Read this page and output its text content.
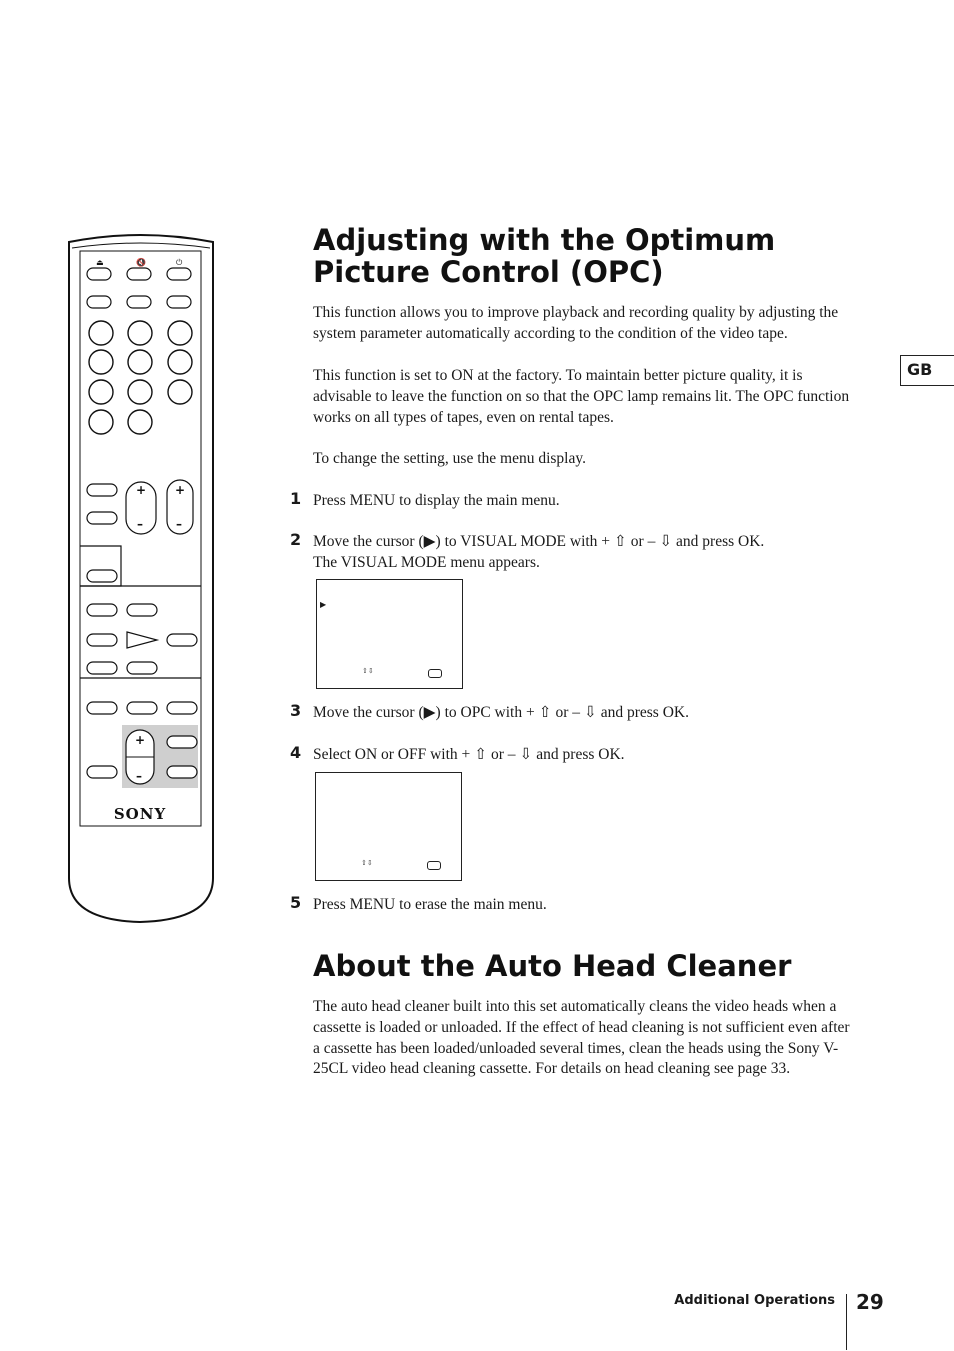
⏏	🔇	⏻
+
–
+
–
+
–
SONY
Adjusting with the Optimum Picture Control (OPC)

This function allows you to improve playback and recording quality by adjusting the system parameter automatically according to the condition of the video tape.

This function is set to ON at the factory. To maintain better picture quality, it is advisable to leave the function on so that the OPC lamp remains lit. The OPC function works on all types of tapes, even on rental tapes.

To change the setting, use the menu display.

1 Press MENU to display the main menu.
2 Move the cursor (▶) to VISUAL MODE with + ⇧ or – ⇩ and press OK.
The VISUAL MODE menu appears.
▶
⇧⇩
3 Move the cursor (▶) to OPC with + ⇧ or – ⇩ and press OK.
4 Select ON or OFF with + ⇧ or – ⇩ and press OK.
⇧⇩
5 Press MENU to erase the main menu.
About the Auto Head Cleaner

The auto head cleaner built into this set automatically cleans the video heads when a cassette is loaded or unloaded. If the effect of head cleaning is not sufficient even after a cassette has been loaded/unloaded several times, clean the heads using the Sony V-25CL video head cleaning cassette. For details on head cleaning see page 33.

GB
Additional Operations 29
